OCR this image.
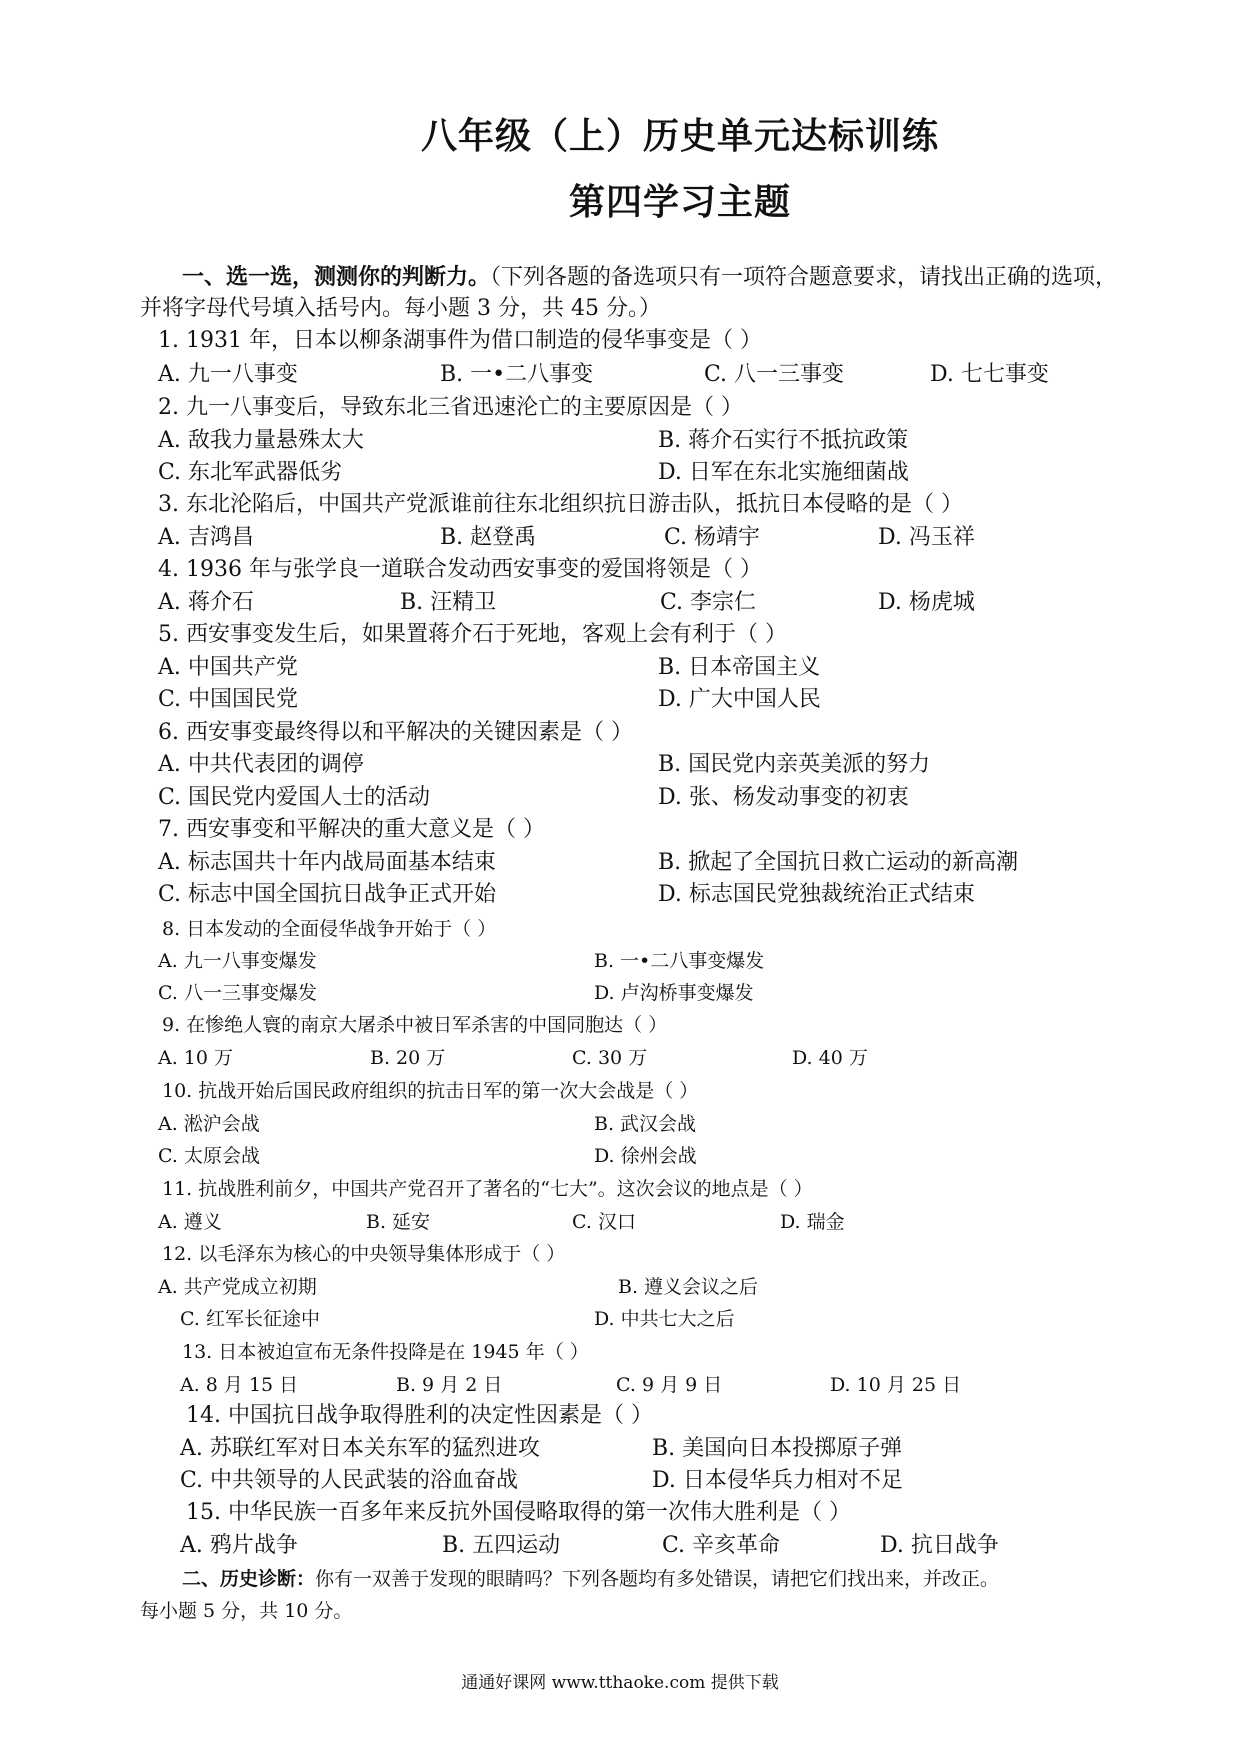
八年级（上）历史单元达标训练
第四学习主题
一、选一选，测测你的判断力。（下列各题的备选项只有一项符合题意要求，请找出正确的选项，
并将字母代号填入括号内。每小题 3 分，共 45 分。）
1. 1931 年，日本以柳条湖事件为借口制造的侵华事变是（ ）
A. 九一八事变	B. 一•二八事变	C. 八一三事变	D. 七七事变
2. 九一八事变后，导致东北三省迅速沦亡的主要原因是（ ）
A. 敌我力量悬殊太大	B. 蒋介石实行不抵抗政策
C. 东北军武器低劣	D. 日军在东北实施细菌战
3. 东北沦陷后，中国共产党派谁前往东北组织抗日游击队，抵抗日本侵略的是（ ）
A. 吉鸿昌	B. 赵登禹	C. 杨靖宇	D. 冯玉祥
4. 1936 年与张学良一道联合发动西安事变的爱国将领是（ ）
A. 蒋介石	B. 汪精卫	C. 李宗仁	D. 杨虎城
5. 西安事变发生后，如果置蒋介石于死地，客观上会有利于（ ）
A. 中国共产党	B. 日本帝国主义
C. 中国国民党	D. 广大中国人民
6. 西安事变最终得以和平解决的关键因素是（ ）
A. 中共代表团的调停	B. 国民党内亲英美派的努力
C. 国民党内爱国人士的活动	D. 张、杨发动事变的初衷
7. 西安事变和平解决的重大意义是（ ）
A. 标志国共十年内战局面基本结束	B. 掀起了全国抗日救亡运动的新高潮
C. 标志中国全国抗日战争正式开始	D. 标志国民党独裁统治正式结束
8. 日本发动的全面侵华战争开始于（ ）
A. 九一八事变爆发	B. 一•二八事变爆发
C. 八一三事变爆发	D. 卢沟桥事变爆发
9. 在惨绝人寰的南京大屠杀中被日军杀害的中国同胞达（ ）
A. 10 万	B. 20 万	C. 30 万	D. 40 万
10. 抗战开始后国民政府组织的抗击日军的第一次大会战是（ ）
A. 淞沪会战	B. 武汉会战
C. 太原会战	D. 徐州会战
11. 抗战胜利前夕，中国共产党召开了著名的“七大”。这次会议的地点是（ ）
A. 遵义	B. 延安	C. 汉口	D. 瑞金
12. 以毛泽东为核心的中央领导集体形成于（ ）
A. 共产党成立初期	B. 遵义会议之后
C. 红军长征途中	D. 中共七大之后
13. 日本被迫宣布无条件投降是在 1945 年（ ）
A. 8 月 15 日	B. 9 月 2 日	C. 9 月 9 日	D. 10 月 25 日
14. 中国抗日战争取得胜利的决定性因素是（ ）
A. 苏联红军对日本关东军的猛烈进攻	B. 美国向日本投掷原子弹
C. 中共领导的人民武装的浴血奋战	D. 日本侵华兵力相对不足
15. 中华民族一百多年来反抗外国侵略取得的第一次伟大胜利是（ ）
A. 鸦片战争	B. 五四运动	C. 辛亥革命	D. 抗日战争
二、历史诊断：你有一双善于发现的眼睛吗？下列各题均有多处错误，请把它们找出来，并改正。
每小题 5 分，共 10 分。
通通好课网 www.tthaoke.com 提供下载
